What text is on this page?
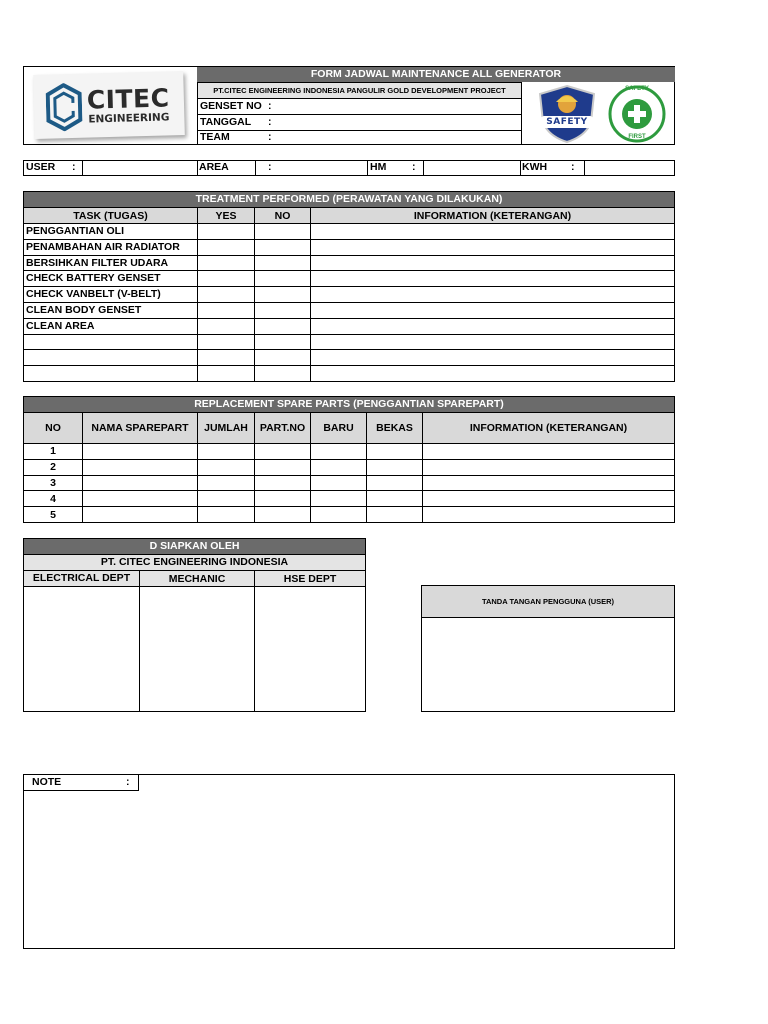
CITEC
ENGINEERING
FORM JADWAL MAINTENANCE ALL GENERATOR
PT.CITEC ENGINEERING INDONESIA PANGULIR GOLD DEVELOPMENT PROJECT
GENSET NO :
TANGGAL :
TEAM	:
SAFETY
SAFETY
FIRST
USER :	AREA	:	HM :	KWH :
TREATMENT PERFORMED (PERAWATAN YANG DILAKUKAN)
TASK (TUGAS)	YES	NO	INFORMATION (KETERANGAN)
PENGGANTIAN OLI
PENAMBAHAN AIR RADIATOR
BERSIHKAN FILTER UDARA
CHECK BATTERY GENSET
CHECK VANBELT (V-BELT)
CLEAN BODY GENSET
CLEAN AREA
REPLACEMENT SPARE PARTS (PENGGANTIAN SPAREPART)
NO	NAMA SPAREPART	JUMLAH	PART.NO	BARU	BEKAS	INFORMATION (KETERANGAN)
1
2
3
4
5
D SIAPKAN OLEH
PT. CITEC ENGINEERING INDONESIA
ELECTRICAL DEPT	MECHANIC	HSE DEPT
TANDA TANGAN PENGGUNA (USER)
NOTE	:
